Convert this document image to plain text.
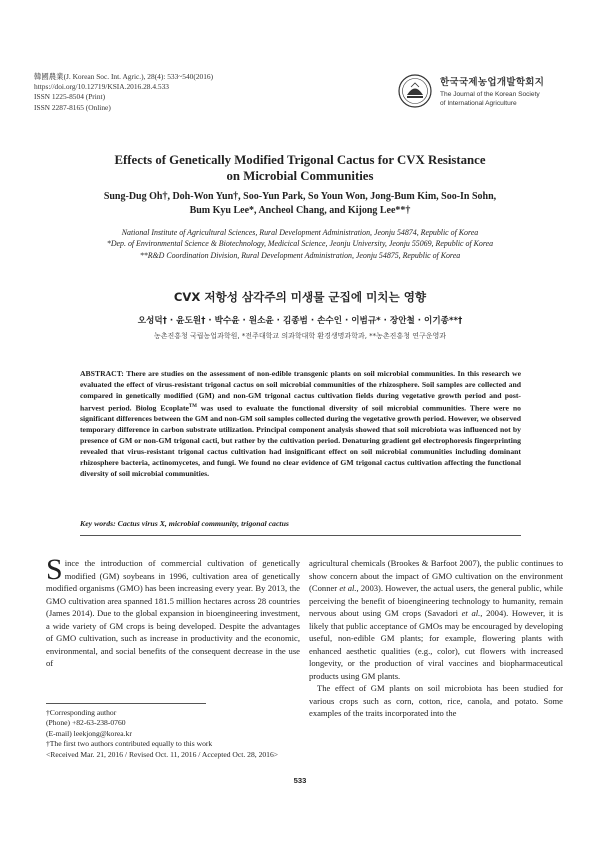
韓國農業(J. Korean Soc. Int. Agric.), 28(4): 533~540(2016)
https://doi.org/10.12719/KSIA.2016.28.4.533
ISSN 1225-8504 (Print)
ISSN 2287-8165 (Online)
한국국제농업개발학회지
The Journal of the Korean Society
of International Agriculture
Effects of Genetically Modified Trigonal Cactus for CVX Resistance
on Microbial Communities
Sung-Dug Oh†, Doh-Won Yun†, Soo-Yun Park, So Youn Won, Jong-Bum Kim, Soo-In Sohn,
Bum Kyu Lee*, Ancheol Chang, and Kijong Lee**†
National Institute of Agricultural Sciences, Rural Development Administration, Jeonju 54874, Republic of Korea
*Dep. of Environmental Science & Biotechnology, Medicical Science, Jeonju University, Jeonju 55069, Republic of Korea
**R&D Coordination Division, Rural Development Administration, Jeonju 54875, Republic of Korea
CVX 저항성 삼각주의 미생물 군집에 미치는 영향
오성덕† · 윤도원† · 박수윤 · 원소윤 · 김종범 · 손수인 · 이범규* · 장안철 · 이기종**†
농촌진흥청 국립농업과학원, *전주대학교 의과학대학 환경생명과학과, **농촌진흥청 연구운영과
ABSTRACT: There are studies on the assessment of non-edible transgenic plants on soil microbial communities. In this research we evaluated the effect of virus-resistant trigonal cactus on soil microbial communities of the rhizosphere. Soil samples are collected and compared in genetically modified (GM) and non-GM trigonal cactus cultivation fields during vegetative growth period and post-harvest period. Biolog Ecoplate™ was used to evaluate the functional diversity of soil microbial communities. There were no significant differences between the GM and non-GM soil samples collected during the vegetative growth period. However, we observed temporary difference in carbon substrate utilization. Principal component analysis showed that soil microbiota was influenced not by presence of GM or non-GM trigonal cacti, but rather by the cultivation period. Denaturing gradient gel electrophoresis fingerprinting revealed that virus-resistant trigonal cactus cultivation had insignificant effect on soil microbial communities including dominant rhizosphere bacteria, actinomycetes, and fungi. We found no clear evidence of GM trigonal cactus cultivation affecting the functional diversity of soil microbial communities.
Key words: Cactus virus X, microbial community, trigonal cactus
Since the introduction of commercial cultivation of genetically modified (GM) soybeans in 1996, cultivation area of genetically modified organisms (GMO) has been increasing every year. By 2013, the GMO cultivation area spanned 181.5 million hectares across 28 countries (James 2014). Due to the global expansion in bioengineering investment, a wide variety of GM crops is being developed. Despite the advantages of GMO cultivation, such as increase in productivity and the economic, environmental, and social benefits of the consequent decrease in the use of
agricultural chemicals (Brookes & Barfoot 2007), the public continues to show concern about the impact of GMO cultivation on the environment (Conner et al., 2003). However, the actual users, the general public, while perceiving the benefit of bioengineering technology to humanity, remain nervous about using GM crops (Savadori et al., 2004). However, it is likely that public acceptance of GMOs may be encouraged by developing useful, non-edible GM plants; for example, flowering plants with enhanced aesthetic qualities (e.g., color), cut flowers with increased longevity, or the production of viral vaccines and biopharmaceutical products using GM plants.
The effect of GM plants on soil microbiota has been studied for various crops such as corn, cotton, rice, canola, and potato. Some examples of the traits incorporated into the
†Corresponding author
(Phone) +82-63-238-0760
(E-mail) leekjong@korea.kr
†The first two authors contributed equally to this work
<Received Mar. 21, 2016 / Revised Oct. 11, 2016 / Accepted Oct. 28, 2016>
533
